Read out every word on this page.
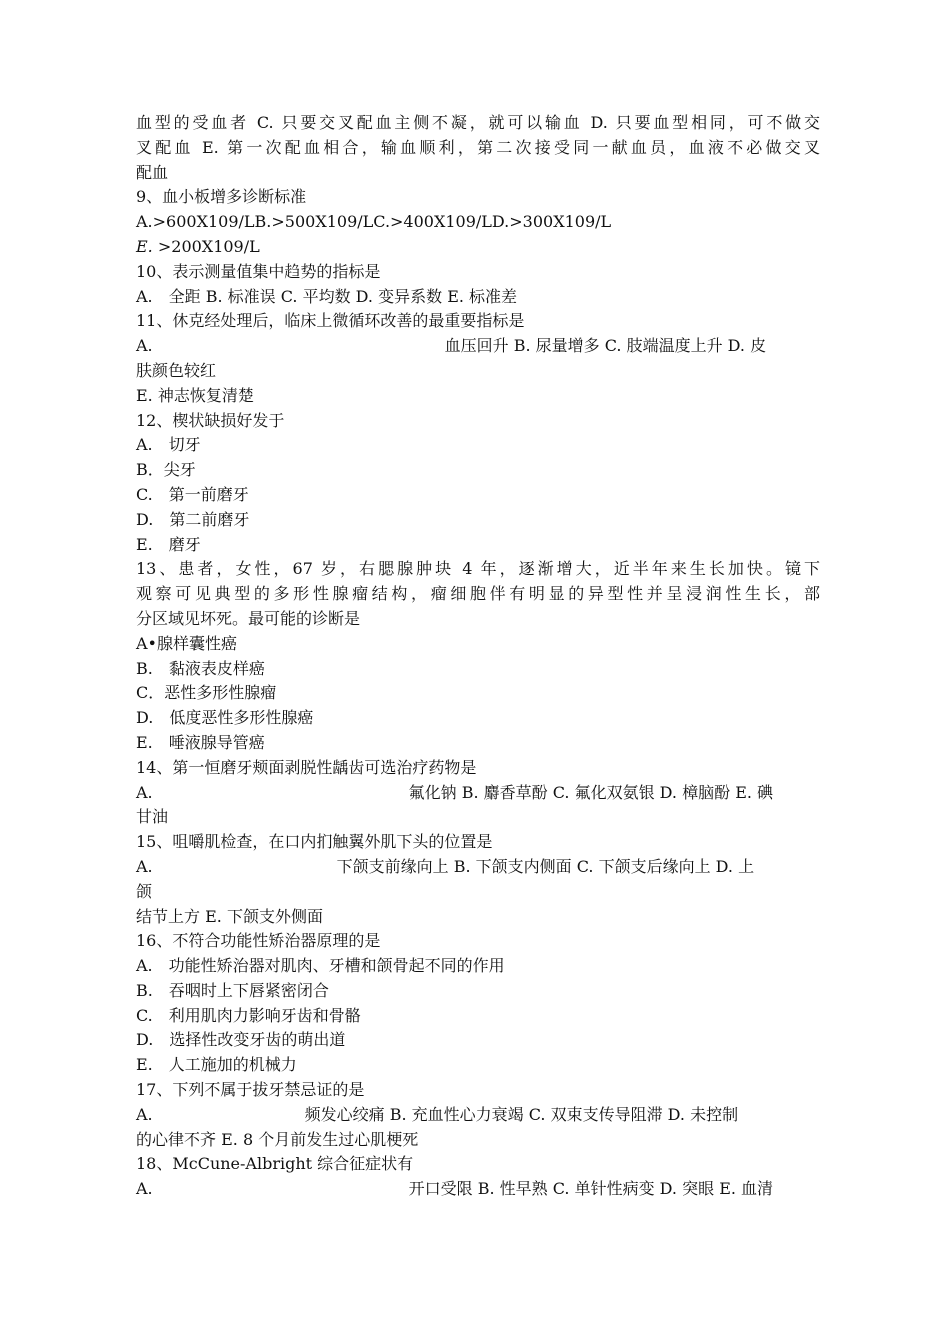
血型的受血者 C. 只要交叉配血主侧不凝，就可以输血 D. 只要血型相同，可不做交
叉配血 E. 第一次配血相合，输血顺利，第二次接受同一献血员，血液不必做交叉
配血
9、血小板增多诊断标准
A.>600X109/LB.>500X109/LC.>400X109/LD.>300X109/L
E. >200X109/L
10、表示测量值集中趋势的指标是
A.　全距 B. 标准误 C. 平均数 D. 变异系数 E. 标准差
11、休克经处理后，临床上微循环改善的最重要指标是
A.	血压回升 B. 尿量增多 C. 肢端温度上升 D. 皮
肤颜色较红
E. 神志恢复清楚
12、楔状缺损好发于
A.　切牙
B．尖牙
C.　第一前磨牙
D.　第二前磨牙
E.　磨牙
13、患者，女性，67 岁，右腮腺肿块 4 年，逐渐增大，近半年来生长加快。镜下
观察可见典型的多形性腺瘤结构，瘤细胞伴有明显的异型性并呈浸润性生长，部
分区域见坏死。最可能的诊断是
A•腺样囊性癌
B.　黏液表皮样癌
C．恶性多形性腺瘤
D.　低度恶性多形性腺癌
E.　唾液腺导管癌
14、第一恒磨牙颊面剥脱性龋齿可选治疗药物是
A.	氟化钠 B. 麝香草酚 C. 氟化双氨银 D. 樟脑酚 E. 碘
甘油
15、咀嚼肌检查，在口内扪触翼外肌下头的位置是
A.	下颌支前缘向上 B. 下颌支内侧面 C. 下颌支后缘向上 D. 上
颌
结节上方 E. 下颌支外侧面
16、不符合功能性矫治器原理的是
A.　功能性矫治器对肌肉、牙槽和颌骨起不同的作用
B.　吞咽时上下唇紧密闭合
C.　利用肌肉力影响牙齿和骨骼
D.　选择性改变牙齿的萌出道
E.　人工施加的机械力
17、下列不属于拔牙禁忌证的是
A.	频发心绞痛 B. 充血性心力衰竭 C. 双束支传导阻滞 D. 未控制
的心律不齐 E. 8 个月前发生过心肌梗死
18、McCune-Albright 综合征症状有
A.	开口受限 B. 性早熟 C. 单针性病变 D. 突眼 E. 血清
